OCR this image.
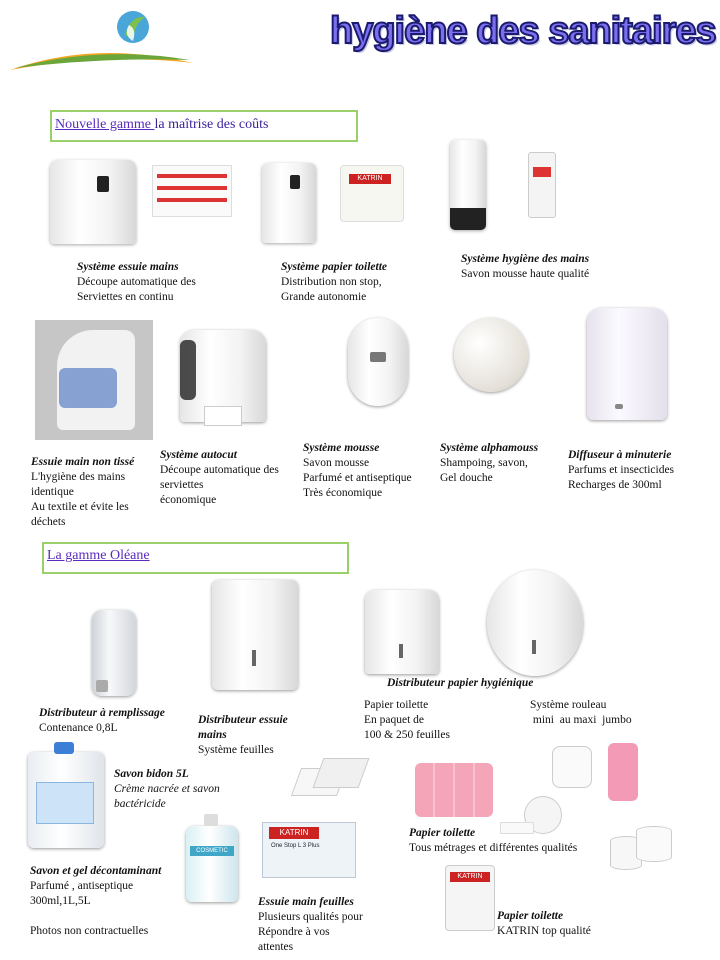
hygiène des sanitaires
Nouvelle gamme la maîtrise des coûts
KATRIN
Système essuie mains
Découpe automatique des
Serviettes en continu
Système papier toilette
Distribution non stop,
Grande autonomie
Système hygiène des mains
Savon mousse haute qualité
Essuie main non tissé
L'hygiène des mains
identique
Au textile et évite les
déchets
Système autocut
Découpe automatique des
serviettes
économique
Système mousse
Savon mousse
Parfumé et antiseptique
Très économique
Système alphamouss
Shampoing, savon,
Gel douche
Diffuseur à minuterie
Parfums et insecticides
Recharges de 300ml
La gamme Oléane
Distributeur à remplissage
Contenance 0,8L
Distributeur essuie mains
Système feuilles
Distributeur papier hygiénique
Papier toilette
En paquet de
100 & 250 feuilles
Système rouleau
mini  au maxi  jumbo
COSMETIC
KATRIN
One Stop L 3 Plus
KATRIN
Savon bidon 5L
Crème nacrée et savon
bactéricide
Savon et gel décontaminant
Parfumé , antiseptique
300ml,1L,5L
Photos non contractuelles
Essuie main feuilles
Plusieurs qualités pour
Répondre à vos
attentes
Papier toilette
Tous métrages et différentes qualités
Papier toilette
KATRIN top qualité
